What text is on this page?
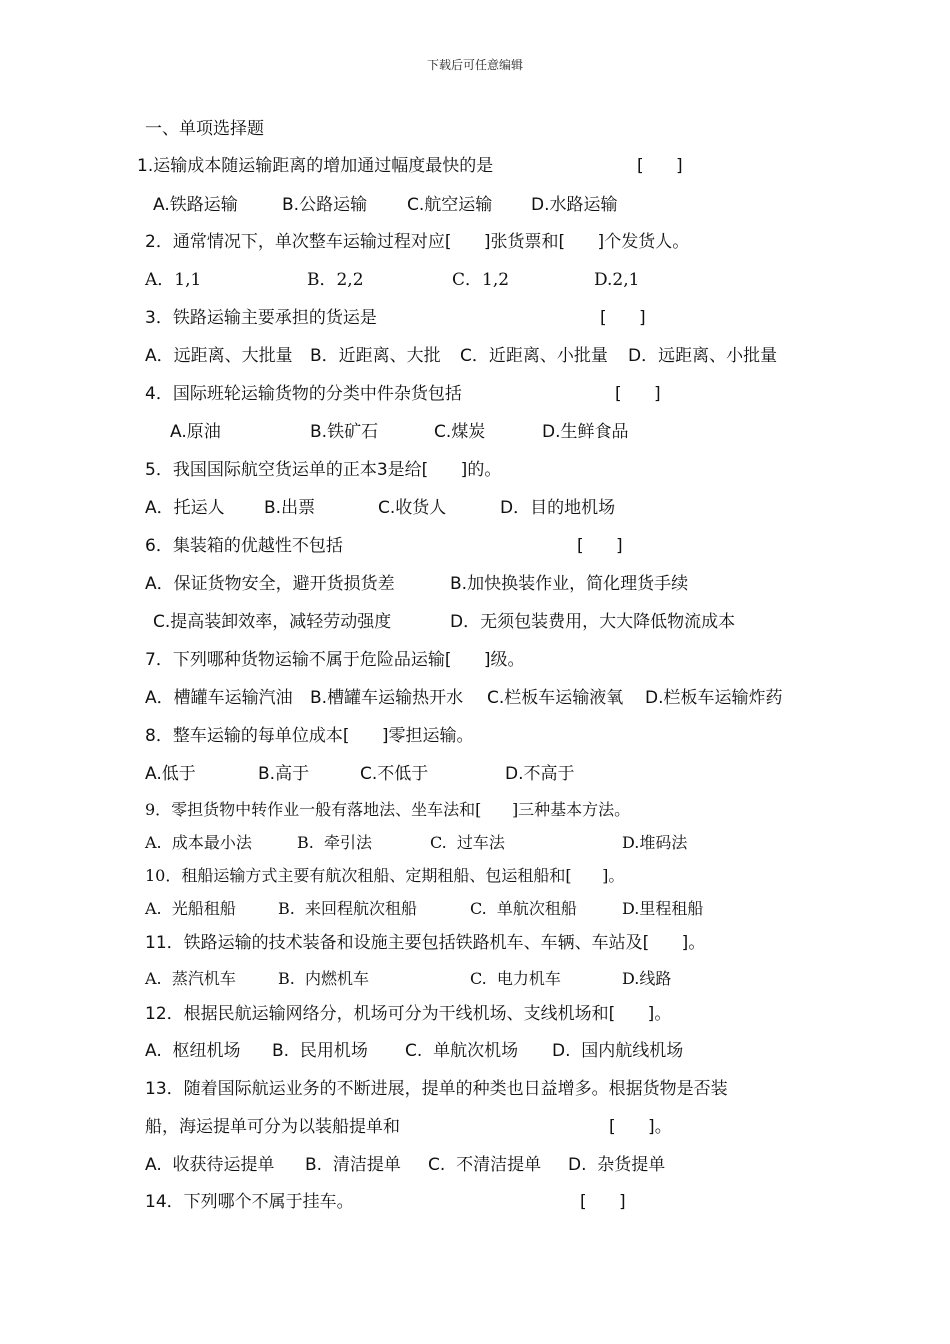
下载后可任意编辑
一、单项选择题
1.运输成本随运输距离的增加通过幅度最快的是	[      ]

A.铁路运输

	B.公路运输

C.航空运输

D.水路运输

2．通常情况下，单次整车运输过程对应[      ]张货票和[      ]个发货人。

A．1,1

	B．2,2

	C．1,2

	D.2,1

3．铁路运输主要承担的货运是	[      ]

A．远距离、大批量

B．近距离、大批

C．近距离、小批量

D．远距离、小批量

4．国际班轮运输货物的分类中件杂货包括	[      ]

A.原油

	B.铁矿石

	C.煤炭

	D.生鲜食品

5．我国国际航空货运单的正本3是给[      ]的。

A．托运人

B.出票

	C.收货人

	D．目的地机场

6．集装箱的优越性不包括	[      ]

A．保证货物安全，避开货损货差

	B.加快换装作业，简化理货手续

C.提高装卸效率，减轻劳动强度

	D．无须包装费用，大大降低物流成本

7．下列哪种货物运输不属于危险品运输[      ]级。

A．槽罐车运输汽油

B.槽罐车运输热开水

C.栏板车运输液氧

D.栏板车运输炸药

8．整车运输的每单位成本[      ]零担运输。

A.低于

	B.高于

	C.不低于

	D.不高于

9．零担货物中转作业一般有落地法、坐车法和[      ]三种基本方法。

A.  成本最小法

	B.  牵引法

	C.  过车法

	D.堆码法

10．租船运输方式主要有航次租船、定期租船、包运租船和[      ]。

A.  光船租船

	B.  来回程航次租船

	C.  单航次租船

	D.里程租船

11．铁路运输的技术装备和设施主要包括铁路机车、车辆、车站及[      ]。

A.  蒸汽机车

	B.  内燃机车

	C.  电力机车

	D.线路

12．根据民航运输网络分，机场可分为干线机场、支线机场和[      ]。

A.  枢纽机场

B.  民用机场

C.  单航次机场

D.  国内航线机场

13．随着国际航运业务的不断进展，提单的种类也日益增多。根据货物是否装
船，海运提单可分为以装船提单和	[      ]。

A.  收获待运提单

B.  清洁提单

C.  不清洁提单

D.  杂货提单

14．下列哪个不属于挂车。	[      ]
